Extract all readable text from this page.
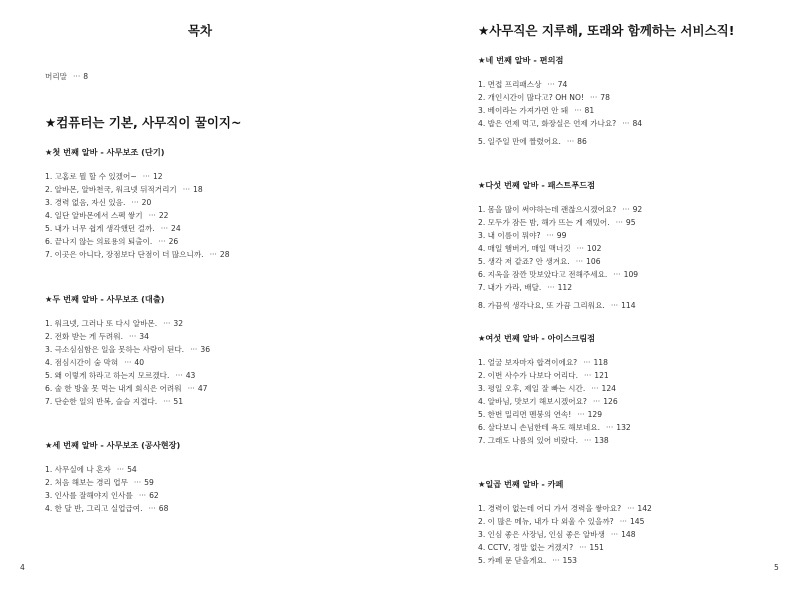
목차
머리말 ··· 8
★컴퓨터는 기본, 사무직이 꿀이지~
★첫 번째 알바 - 사무보조 (단기)
1. 고홈로 뭘 할 수 있겠어~ ··· 12
2. 알바몬, 알바천국, 워크넷 뒤적거리기 ··· 18
3. 경력 없음, 자신 있음. ··· 20
4. 일단 알바몬에서 스펙 쌓기 ··· 22
5. 내가 너무 쉽게 생각했던 걸까. ··· 24
6. 끝나지 않는 의료용의 퇴출이. ··· 26
7. 이곳은 아니다, 장점보다 단점이 더 많으니까. ··· 28
★두 번째 알바 - 사무보조 (대출)
1. 워크넷, 그러나 또 다시 알바몬. ··· 32
2. 전화 받는 게 두려워. ··· 34
3. 극소심심함은 일을 못하는 사람이 된다. ··· 36
4. 점심시간이 숨 막혀 ··· 40
5. 왜 이렇게 하라고 하는지 모르겠다. ··· 43
6. 술 한 방울 못 먹는 내게 회식은 어려워 ··· 47
7. 단순한 일의 반복, 슬슬 지겹다. ··· 51
★세 번째 알바 - 사무보조 (공사현장)
1. 사무실에 나 혼자 ··· 54
2. 처음 해보는 경리 업무 ··· 59
3. 인사를 잘해야지 인사를 ··· 62
4. 한 달 반, 그리고 실업급여. ··· 68
4
★사무직은 지루해, 또래와 함께하는 서비스직!
★네 번째 알바 - 편의점
1. 면접 프리패스상 ··· 74
2. 개인시간이 많다고? OH NO! ··· 78
3. 베이라는 가져가면 안 돼 ··· 81
4. 밥은 언제 먹고, 화장실은 언제 가나요? ··· 84
5. 일주일 만에 짤렸어요. ··· 86
★다섯 번째 알바 - 패스트푸드점
1. 몸을 많이 써야하는데 괜찮으시겠어요? ··· 92
2. 모두가 잠든 밤, 해가 뜨는 게 재밌어. ··· 95
3. 내 이름이 뭐야? ··· 99
4. 매일 햄버거, 매일 맥너깃 ··· 102
5. 생각 저 같죠? 안 생겨요. ··· 106
6. 지옥을 잠깐 맛보았다고 전해주세요. ··· 109
7. 내가 가라, 배달. ··· 112
8. 가끔씩 생각나요, 또 가끔 그리워요. ··· 114
★여섯 번째 알바 - 아이스크림점
1. 얼굴 보자마자 합격이에요? ··· 118
2. 이번 사수가 나보다 어리다. ··· 121
3. 평일 오후, 제일 잘 빠는 시간. ··· 124
4. 알바님, 맛보기 해보시겠어요? ··· 126
5. 한번 밀리면 멘붕의 연속! ··· 129
6. 살다보니 손님한테 욕도 해보네요. ··· 132
7. 그래도 나름의 있어 비랐다. ··· 138
★일곱 번째 알바 - 카페
1. 경력이 없는데 어디 가서 경력을 쌓아요? ··· 142
2. 이 많은 메뉴, 내가 다 외울 수 있을까? ··· 145
3. 인심 좋은 사장님, 인심 좋은 알바생 ··· 148
4. CCTV, 정말 없는 거겠지? ··· 151
5. 카페 문 닫을게요. ··· 153
5
